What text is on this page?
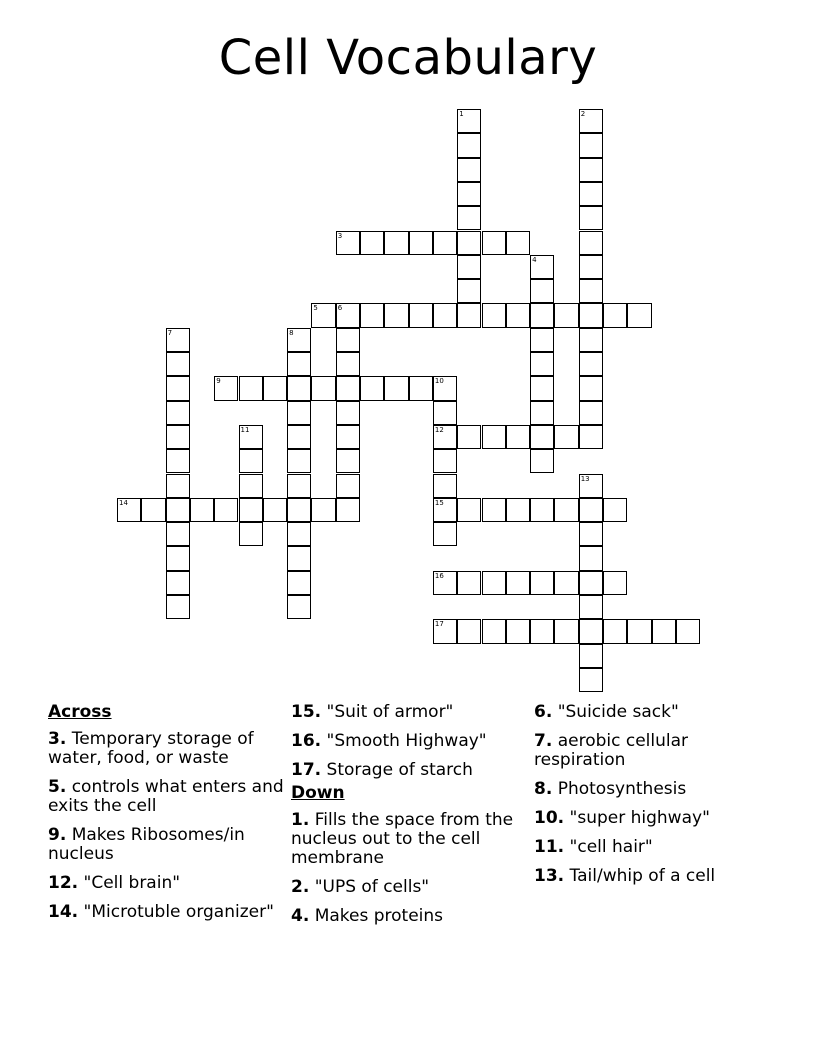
Cell Vocabulary
1	2
3
4
5	6
7	8
9	10
12
15
11
13
14
16
17
Across
3. Temporary storage of water, food, or waste
5. controls what enters and exits the cell
9. Makes Ribosomes/in nucleus
12. "Cell brain"
14. "Microtuble organizer"
15. "Suit of armor"
16. "Smooth Highway"
17. Storage of starch
Down
1. Fills the space from the nucleus out to the cell membrane
2. "UPS of cells"
4. Makes proteins
6. "Suicide sack"
7. aerobic cellular respiration
8. Photosynthesis
10. "super highway"
11. "cell hair"
13. Tail/whip of a cell
